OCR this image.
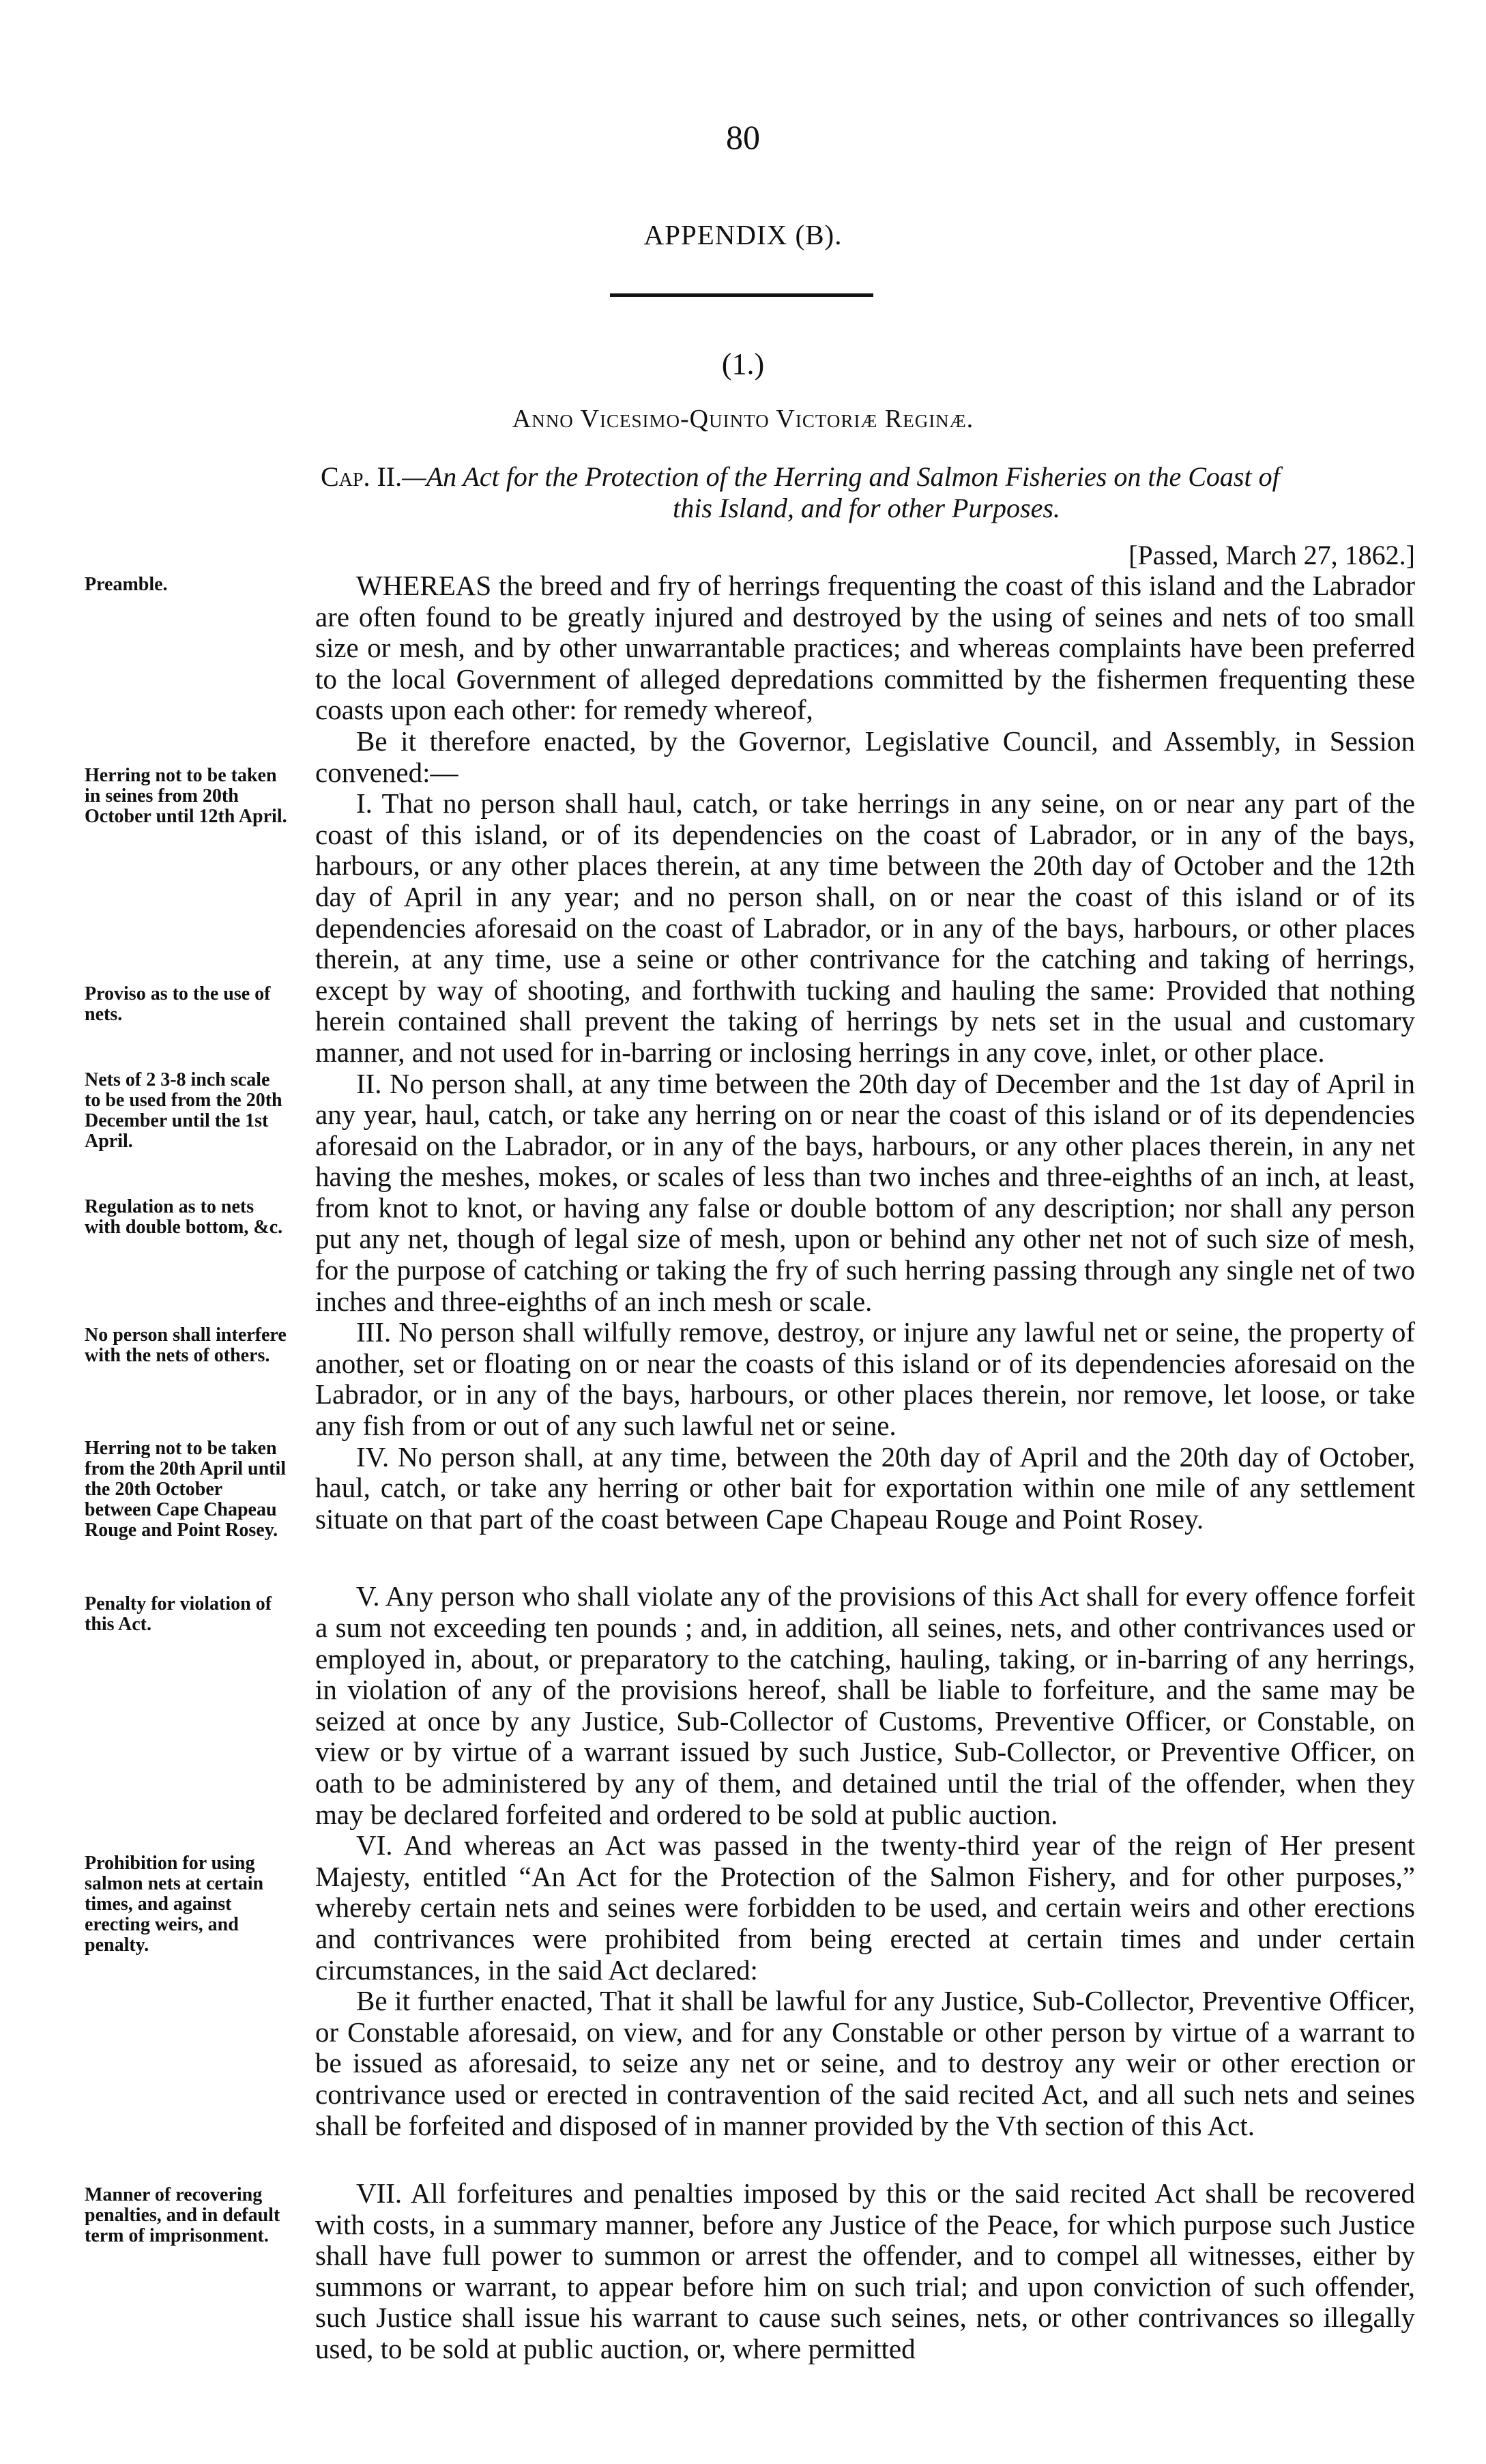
80
APPENDIX (B).
(1.)
Anno Vicesimo-Quinto Victoriæ Reginæ.
Cap. II.—An Act for the Protection of the Herring and Salmon Fisheries on the Coast of
this Island, and for other Purposes.
[Passed, March 27, 1862.]
Preamble.
Herring not to be taken in seines from 20th October until 12th April.
Proviso as to the use of nets.
Nets of 2 3-8 inch scale to be used from the 20th December until the 1st April.
Regulation as to nets with double bottom, &c.
No person shall interfere with the nets of others.
Herring not to be taken from the 20th April until the 20th October between Cape Chapeau Rouge and Point Rosey.
Penalty for violation of this Act.
Prohibition for using salmon nets at certain times, and against erecting weirs, and penalty.
Manner of recovering penalties, and in default term of imprisonment.

WHEREAS the breed and fry of herrings frequenting the coast of this island and the Labrador are often found to be greatly injured and destroyed by the using of seines and nets of too small size or mesh, and by other unwarrantable practices; and whereas complaints have been preferred to the local Government of alleged depredations committed by the fishermen frequenting these coasts upon each other: for remedy whereof,

Be it therefore enacted, by the Governor, Legislative Council, and Assembly, in Session convened:—

I. That no person shall haul, catch, or take herrings in any seine, on or near any part of the coast of this island, or of its dependencies on the coast of Labrador, or in any of the bays, harbours, or any other places therein, at any time between the 20th day of October and the 12th day of April in any year; and no person shall, on or near the coast of this island or of its dependencies aforesaid on the coast of Labrador, or in any of the bays, harbours, or other places therein, at any time, use a seine or other contrivance for the catching and taking of herrings, except by way of shooting, and forthwith tucking and hauling the same: Provided that nothing herein contained shall prevent the taking of herrings by nets set in the usual and customary manner, and not used for in-barring or inclosing herrings in any cove, inlet, or other place.

II. No person shall, at any time between the 20th day of December and the 1st day of April in any year, haul, catch, or take any herring on or near the coast of this island or of its dependencies aforesaid on the Labrador, or in any of the bays, harbours, or any other places therein, in any net having the meshes, mokes, or scales of less than two inches and three-eighths of an inch, at least, from knot to knot, or having any false or double bottom of any description; nor shall any person put any net, though of legal size of mesh, upon or behind any other net not of such size of mesh, for the purpose of catching or taking the fry of such herring passing through any single net of two inches and three-eighths of an inch mesh or scale.

III. No person shall wilfully remove, destroy, or injure any lawful net or seine, the property of another, set or floating on or near the coasts of this island or of its dependencies aforesaid on the Labrador, or in any of the bays, harbours, or other places therein, nor remove, let loose, or take any fish from or out of any such lawful net or seine.

IV. No person shall, at any time, between the 20th day of April and the 20th day of October, haul, catch, or take any herring or other bait for exportation within one mile of any settlement situate on that part of the coast between Cape Chapeau Rouge and Point Rosey.

V. Any person who shall violate any of the provisions of this Act shall for every offence forfeit a sum not exceeding ten pounds ; and, in addition, all seines, nets, and other contrivances used or employed in, about, or preparatory to the catching, hauling, taking, or in-barring of any herrings, in violation of any of the provisions hereof, shall be liable to forfeiture, and the same may be seized at once by any Justice, Sub-Collector of Customs, Preventive Officer, or Constable, on view or by virtue of a warrant issued by such Justice, Sub-Collector, or Preventive Officer, on oath to be administered by any of them, and detained until the trial of the offender, when they may be declared forfeited and ordered to be sold at public auction.

VI. And whereas an Act was passed in the twenty-third year of the reign of Her present Majesty, entitled “An Act for the Protection of the Salmon Fishery, and for other purposes,” whereby certain nets and seines were forbidden to be used, and certain weirs and other erections and contrivances were prohibited from being erected at certain times and under certain circumstances, in the said Act declared:

Be it further enacted, That it shall be lawful for any Justice, Sub-Collector, Preventive Officer, or Constable aforesaid, on view, and for any Constable or other person by virtue of a warrant to be issued as aforesaid, to seize any net or seine, and to destroy any weir or other erection or contrivance used or erected in contravention of the said recited Act, and all such nets and seines shall be forfeited and disposed of in manner provided by the Vth section of this Act.

VII. All forfeitures and penalties imposed by this or the said recited Act shall be recovered with costs, in a summary manner, before any Justice of the Peace, for which purpose such Justice shall have full power to summon or arrest the offender, and to compel all witnesses, either by summons or warrant, to appear before him on such trial; and upon conviction of such offender, such Justice shall issue his warrant to cause such seines, nets, or other contrivances so illegally used, to be sold at public auction, or, where permitted
